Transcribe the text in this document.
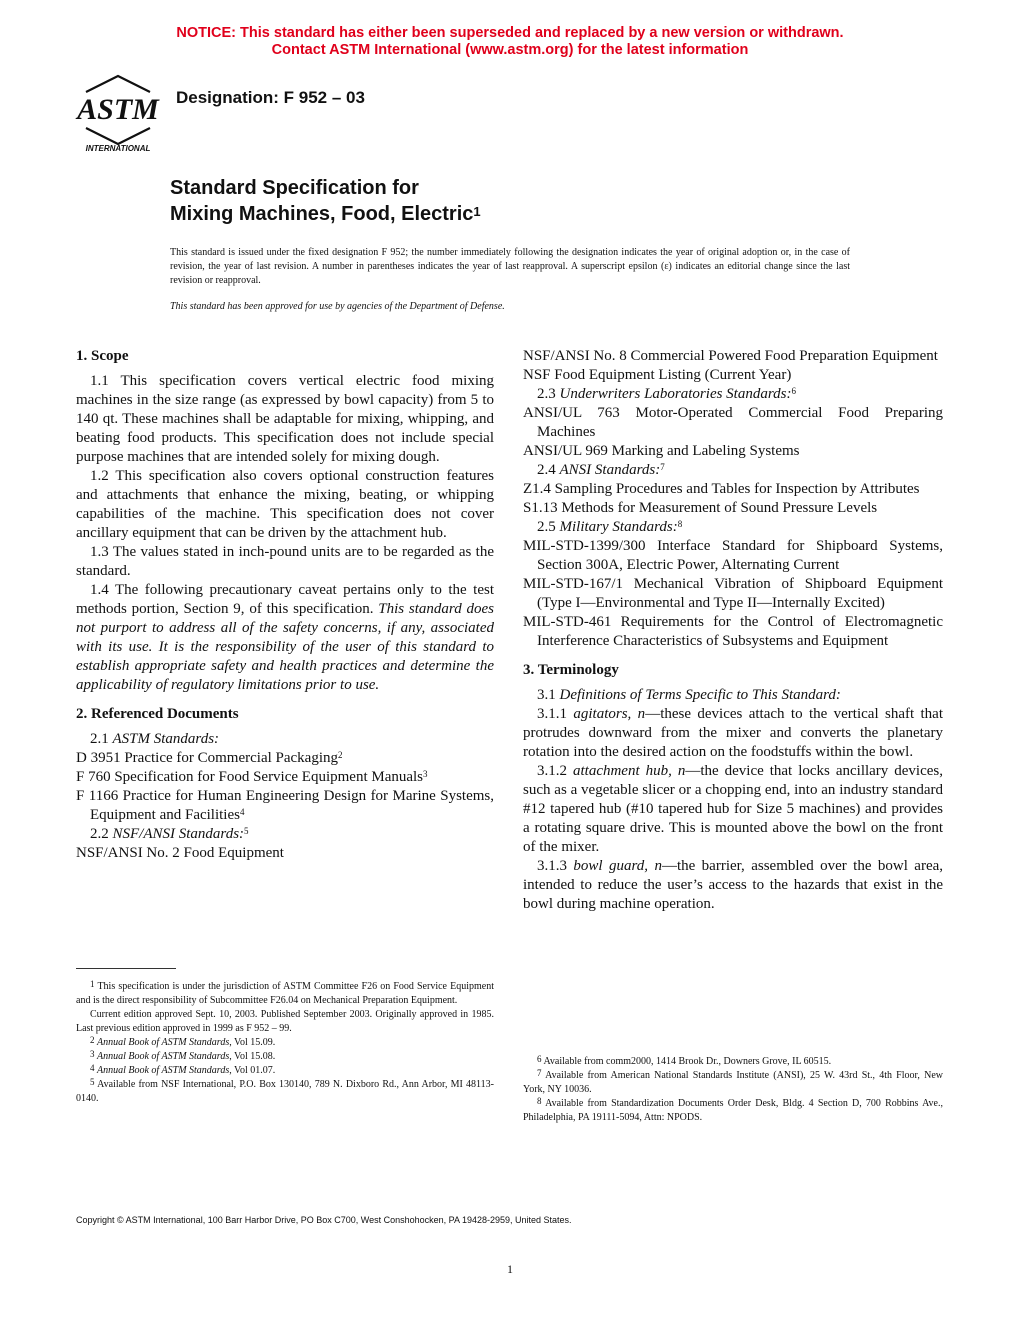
NOTICE: This standard has either been superseded and replaced by a new version or withdrawn.
Contact ASTM International (www.astm.org) for the latest information
ASTM
INTERNATIONAL
Designation: F 952 – 03
Standard Specification for
Mixing Machines, Food, Electric$^1$
This standard is issued under the fixed designation F 952; the number immediately following the designation indicates the year of original adoption or, in the case of revision, the year of last revision. A number in parentheses indicates the year of last reapproval. A superscript epsilon (ε) indicates an editorial change since the last revision or reapproval.
This standard has been approved for use by agencies of the Department of Defense.
1. Scope

1.1 This specification covers vertical electric food mixing machines in the size range (as expressed by bowl capacity) from 5 to 140 qt. These machines shall be adaptable for mixing, whipping, and beating food products. This specification does not include special purpose machines that are intended solely for mixing dough.

1.2 This specification also covers optional construction features and attachments that enhance the mixing, beating, or whipping capabilities of the machine. This specification does not cover ancillary equipment that can be driven by the attachment hub.

1.3 The values stated in inch-pound units are to be regarded as the standard.

1.4 The following precautionary caveat pertains only to the test methods portion, Section 9, of this specification. This standard does not purport to address all of the safety concerns, if any, associated with its use. It is the responsibility of the user of this standard to establish appropriate safety and health practices and determine the applicability of regulatory limitations prior to use.

2. Referenced Documents

2.1 ASTM Standards:

D 3951 Practice for Commercial Packaging$^2$

F 760 Specification for Food Service Equipment Manuals$^3$

F 1166 Practice for Human Engineering Design for Marine Systems, Equipment and Facilities$^4$

2.2 NSF/ANSI Standards:$^5$

NSF/ANSI No. 2 Food Equipment

NSF/ANSI No. 8 Commercial Powered Food Preparation Equipment

NSF Food Equipment Listing (Current Year)

2.3 Underwriters Laboratories Standards:$^6$

ANSI/UL 763 Motor-Operated Commercial Food Preparing Machines

ANSI/UL 969 Marking and Labeling Systems

2.4 ANSI Standards:$^7$

Z1.4 Sampling Procedures and Tables for Inspection by Attributes

S1.13 Methods for Measurement of Sound Pressure Levels

2.5 Military Standards:$^8$

MIL-STD-1399/300 Interface Standard for Shipboard Systems, Section 300A, Electric Power, Alternating Current

MIL-STD-167/1 Mechanical Vibration of Shipboard Equipment (Type I—Environmental and Type II—Internally Excited)

MIL-STD-461 Requirements for the Control of Electromagnetic Interference Characteristics of Subsystems and Equipment

3. Terminology

3.1 Definitions of Terms Specific to This Standard:

3.1.1 agitators, n—these devices attach to the vertical shaft that protrudes downward from the mixer and converts the planetary rotation into the desired action on the foodstuffs within the bowl.

3.1.2 attachment hub, n—the device that locks ancillary devices, such as a vegetable slicer or a chopping end, into an industry standard #12 tapered hub (#10 tapered hub for Size 5 machines) and provides a rotating square drive. This is mounted above the bowl on the front of the mixer.

3.1.3 bowl guard, n—the barrier, assembled over the bowl area, intended to reduce the user’s access to the hazards that exist in the bowl during machine operation.

$^1$ This specification is under the jurisdiction of ASTM Committee F26 on Food Service Equipment and is the direct responsibility of Subcommittee F26.04 on Mechanical Preparation Equipment.

Current edition approved Sept. 10, 2003. Published September 2003. Originally approved in 1985. Last previous edition approved in 1999 as F 952 – 99.

$^2$ Annual Book of ASTM Standards, Vol 15.09.

$^3$ Annual Book of ASTM Standards, Vol 15.08.

$^4$ Annual Book of ASTM Standards, Vol 01.07.

$^5$ Available from NSF International, P.O. Box 130140, 789 N. Dixboro Rd., Ann Arbor, MI 48113-0140.

$^6$ Available from comm2000, 1414 Brook Dr., Downers Grove, IL 60515.

$^7$ Available from American National Standards Institute (ANSI), 25 W. 43rd St., 4th Floor, New York, NY 10036.

$^8$ Available from Standardization Documents Order Desk, Bldg. 4 Section D, 700 Robbins Ave., Philadelphia, PA 19111-5094, Attn: NPODS.

Copyright © ASTM International, 100 Barr Harbor Drive, PO Box C700, West Conshohocken, PA 19428-2959, United States.
1
